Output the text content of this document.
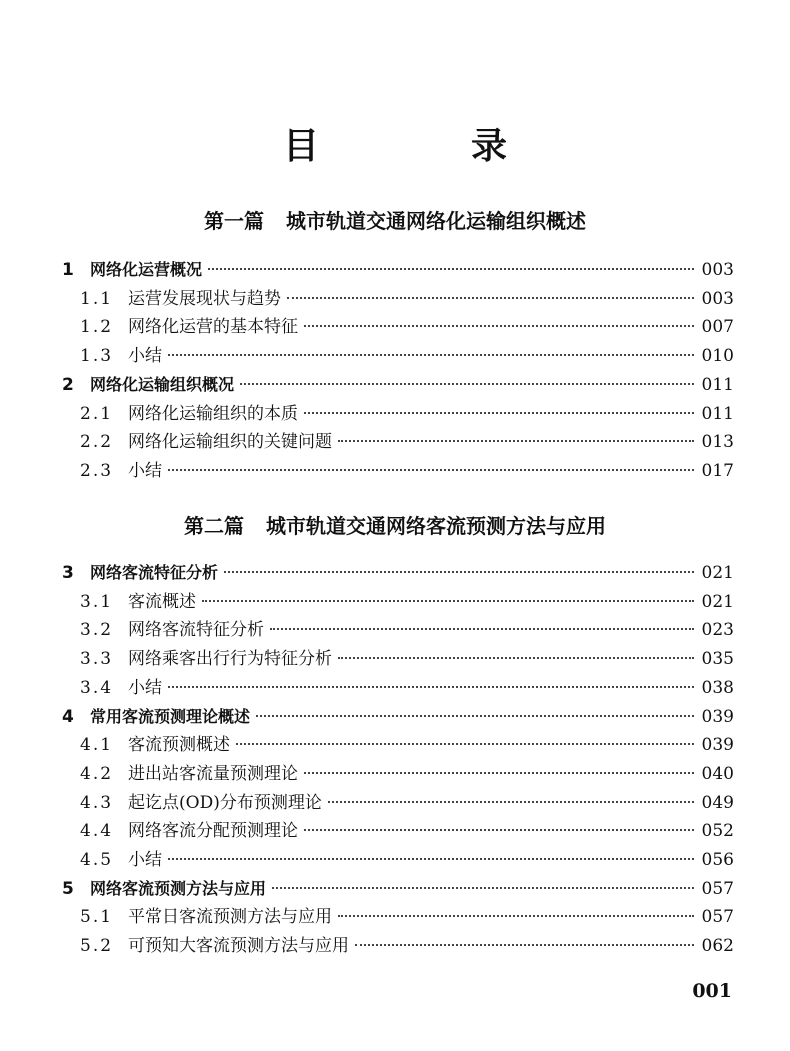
目　录
第一篇 城市轨道交通网络化运输组织概述
1	网络化运营概况	003
1.1 运营发展现状与趋势	003
1.2 网络化运营的基本特征	007
1.3 小结	010
2	网络化运输组织概况	011
2.1 网络化运输组织的本质	011
2.2 网络化运输组织的关键问题	013
2.3 小结	017
第二篇 城市轨道交通网络客流预测方法与应用
3	网络客流特征分析	021
3.1 客流概述	021
3.2 网络客流特征分析	023
3.3 网络乘客出行行为特征分析	035
3.4 小结	038
4	常用客流预测理论概述	039
4.1 客流预测概述	039
4.2 进出站客流量预测理论	040
4.3 起讫点(OD)分布预测理论	049
4.4 网络客流分配预测理论	052
4.5 小结	056
5	网络客流预测方法与应用	057
5.1 平常日客流预测方法与应用	057
5.2 可预知大客流预测方法与应用	062
001
